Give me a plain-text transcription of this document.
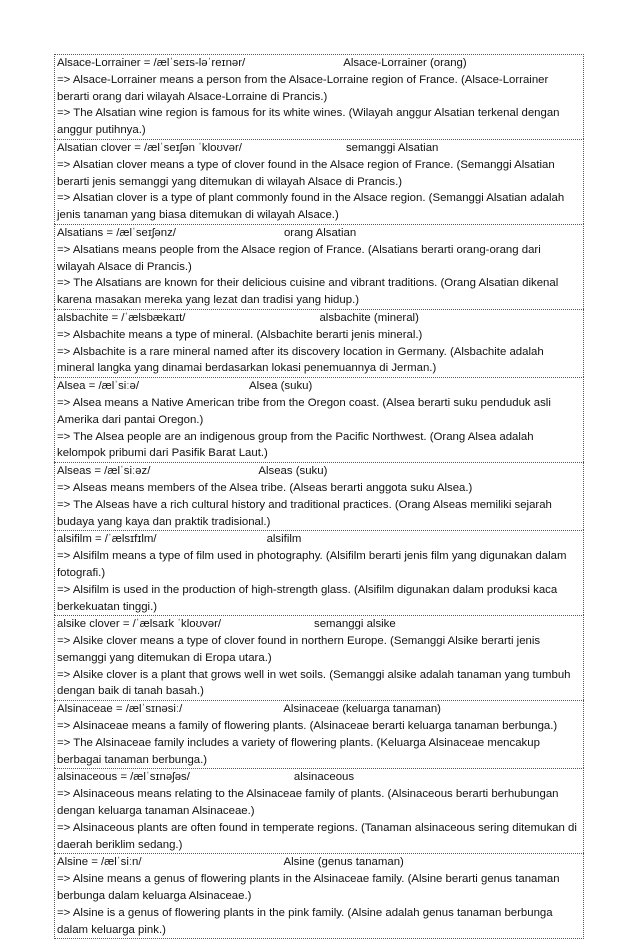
Alsace-Lorrainer = /ælˈseɪs-ləˈreɪnər/	Alsace-Lorrainer (orang)
=> Alsace-Lorrainer means a person from the Alsace-Lorraine region of France. (Alsace-Lorrainer berarti orang dari wilayah Alsace-Lorraine di Prancis.)
=> The Alsatian wine region is famous for its white wines. (Wilayah anggur Alsatian terkenal dengan anggur putihnya.)
Alsatian clover = /ælˈseɪʃən ˈkloʊvər/	semanggi Alsatian
=> Alsatian clover means a type of clover found in the Alsace region of France. (Semanggi Alsatian berarti jenis semanggi yang ditemukan di wilayah Alsace di Prancis.)
=> Alsatian clover is a type of plant commonly found in the Alsace region. (Semanggi Alsatian adalah jenis tanaman yang biasa ditemukan di wilayah Alsace.)
Alsatians = /ælˈseɪʃənz/	orang Alsatian
=> Alsatians means people from the Alsace region of France. (Alsatians berarti orang-orang dari wilayah Alsace di Prancis.)
=> The Alsatians are known for their delicious cuisine and vibrant traditions. (Orang Alsatian dikenal karena masakan mereka yang lezat dan tradisi yang hidup.)
alsbachite = /ˈælsbækaɪt/	alsbachite (mineral)
=> Alsbachite means a type of mineral. (Alsbachite berarti jenis mineral.)
=> Alsbachite is a rare mineral named after its discovery location in Germany. (Alsbachite adalah mineral langka yang dinamai berdasarkan lokasi penemuannya di Jerman.)
Alsea = /ælˈsiːə/	Alsea (suku)
=> Alsea means a Native American tribe from the Oregon coast. (Alsea berarti suku penduduk asli Amerika dari pantai Oregon.)
=> The Alsea people are an indigenous group from the Pacific Northwest. (Orang Alsea adalah kelompok pribumi dari Pasifik Barat Laut.)
Alseas = /ælˈsiːəz/	Alseas (suku)
=> Alseas means members of the Alsea tribe. (Alseas berarti anggota suku Alsea.)
=> The Alseas have a rich cultural history and traditional practices. (Orang Alseas memiliki sejarah budaya yang kaya dan praktik tradisional.)
alsifilm = /ˈælsɪfɪlm/	alsifilm
=> Alsifilm means a type of film used in photography. (Alsifilm berarti jenis film yang digunakan dalam fotografi.)
=> Alsifilm is used in the production of high-strength glass. (Alsifilm digunakan dalam produksi kaca berkekuatan tinggi.)
alsike clover = /ˈælsaɪk ˈkloʊvər/	semanggi alsike
=> Alsike clover means a type of clover found in northern Europe. (Semanggi Alsike berarti jenis semanggi yang ditemukan di Eropa utara.)
=> Alsike clover is a plant that grows well in wet soils. (Semanggi alsike adalah tanaman yang tumbuh dengan baik di tanah basah.)
Alsinaceae = /ælˈsɪnəsiː/	Alsinaceae (keluarga tanaman)
=> Alsinaceae means a family of flowering plants. (Alsinaceae berarti keluarga tanaman berbunga.)
=> The Alsinaceae family includes a variety of flowering plants. (Keluarga Alsinaceae mencakup berbagai tanaman berbunga.)
alsinaceous = /ælˈsɪnəʃəs/	alsinaceous
=> Alsinaceous means relating to the Alsinaceae family of plants. (Alsinaceous berarti berhubungan dengan keluarga tanaman Alsinaceae.)
=> Alsinaceous plants are often found in temperate regions. (Tanaman alsinaceous sering ditemukan di daerah beriklim sedang.)
Alsine = /ælˈsiːn/	Alsine (genus tanaman)
=> Alsine means a genus of flowering plants in the Alsinaceae family. (Alsine berarti genus tanaman berbunga dalam keluarga Alsinaceae.)
=> Alsine is a genus of flowering plants in the pink family. (Alsine adalah genus tanaman berbunga dalam keluarga pink.)
